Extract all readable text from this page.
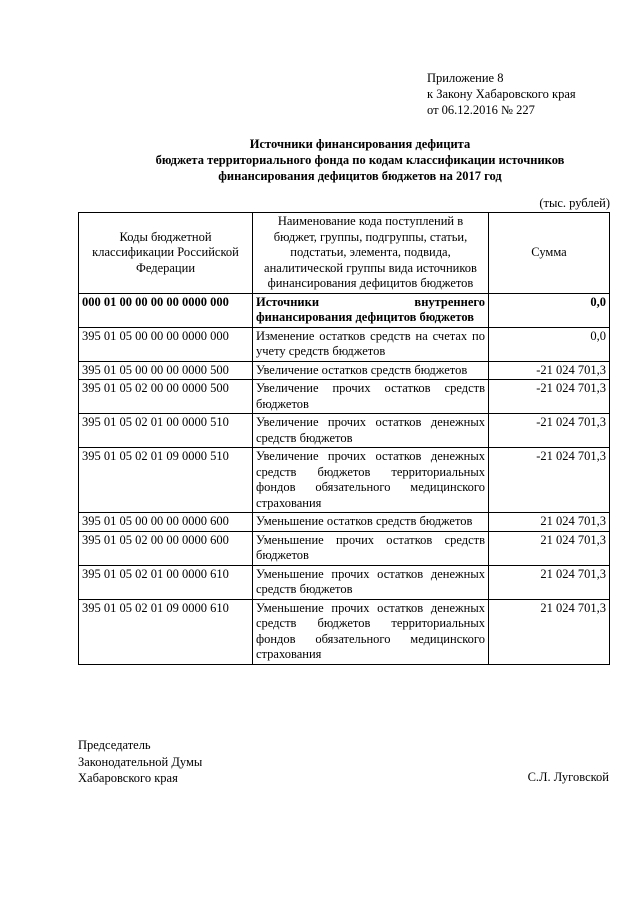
Приложение 8
к Закону Хабаровского края
от 06.12.2016 № 227
Источники финансирования дефицита
бюджета территориального фонда по кодам классификации источников
финансирования дефицитов бюджетов на 2017 год
(тыс. рублей)
Коды бюджетной классификации Российской Федерации	Наименование кода поступлений в бюджет, группы, подгруппы, статьи, подстатьи, элемента, подвида, аналитической группы вида источников финансирования дефицитов бюджетов	Сумма
000 01 00 00 00 00 0000 000	Источники внутреннего финансирования дефицитов бюджетов	0,0
395 01 05 00 00 00 0000 000	Изменение остатков средств на счетах по учету средств бюджетов	0,0
395 01 05 00 00 00 0000 500	Увеличение остатков средств бюджетов	-21 024 701,3
395 01 05 02 00 00 0000 500	Увеличение прочих остатков средств бюджетов	-21 024 701,3
395 01 05 02 01 00 0000 510	Увеличение прочих остатков денежных средств бюджетов	-21 024 701,3
395 01 05 02 01 09 0000 510	Увеличение прочих остатков денежных средств бюджетов территориальных фондов обязательного медицинского страхования	-21 024 701,3
395 01 05 00 00 00 0000 600	Уменьшение остатков средств бюджетов	21 024 701,3
395 01 05 02 00 00 0000 600	Уменьшение прочих остатков средств бюджетов	21 024 701,3
395 01 05 02 01 00 0000 610	Уменьшение прочих остатков денежных средств бюджетов	21 024 701,3
395 01 05 02 01 09 0000 610	Уменьшение прочих остатков денежных средств бюджетов территориальных фондов обязательного медицинского страхования	21 024 701,3
Председатель
Законодательной Думы
Хабаровского края	С.Л. Луговской
